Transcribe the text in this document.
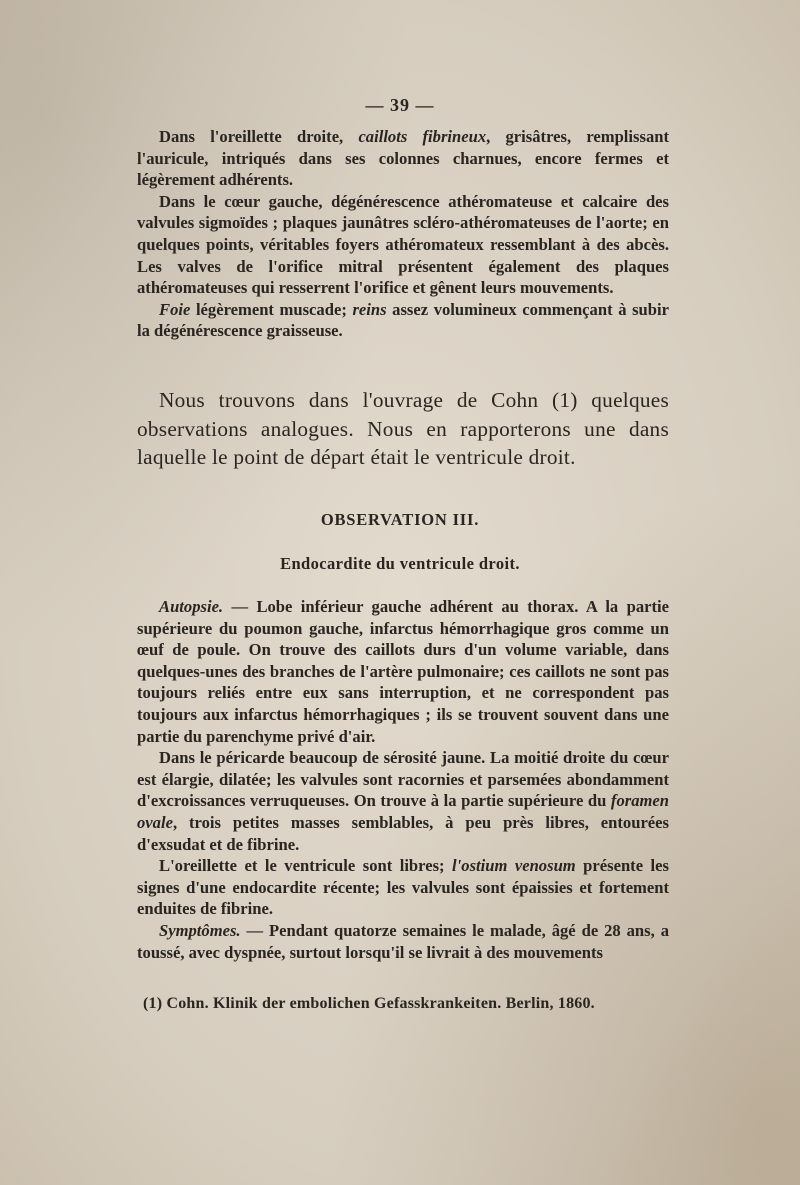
— 39 —

Dans l'oreillette droite, caillots fibrineux, grisâtres, remplissant l'auricule, intriqués dans ses colonnes charnues, encore fermes et légèrement adhérents.

Dans le cœur gauche, dégénérescence athéromateuse et calcaire des valvules sigmoïdes ; plaques jaunâtres scléro-athéromateuses de l'aorte; en quelques points, véritables foyers athéromateux ressemblant à des abcès. Les valves de l'orifice mitral présentent également des plaques athéromateuses qui resserrent l'orifice et gênent leurs mouvements.

Foie légèrement muscade; reins assez volumineux commençant à subir la dégénérescence graisseuse.

Nous trouvons dans l'ouvrage de Cohn (1) quelques observations analogues. Nous en rapporterons une dans laquelle le point de départ était le ventricule droit.

OBSERVATION III.
Endocardite du ventricule droit.

Autopsie. — Lobe inférieur gauche adhérent au thorax. A la partie supérieure du poumon gauche, infarctus hémorrhagique gros comme un œuf de poule. On trouve des caillots durs d'un volume variable, dans quelques-unes des branches de l'artère pulmonaire; ces caillots ne sont pas toujours reliés entre eux sans interruption, et ne correspondent pas toujours aux infarctus hémorrhagiques ; ils se trouvent souvent dans une partie du parenchyme privé d'air.

Dans le péricarde beaucoup de sérosité jaune. La moitié droite du cœur est élargie, dilatée; les valvules sont racornies et parsemées abondamment d'excroissances verruqueuses. On trouve à la partie supérieure du foramen ovale, trois petites masses semblables, à peu près libres, entourées d'exsudat et de fibrine.

L'oreillette et le ventricule sont libres; l'ostium venosum présente les signes d'une endocardite récente; les valvules sont épaissies et fortement enduites de fibrine.

Symptômes. — Pendant quatorze semaines le malade, âgé de 28 ans, a toussé, avec dyspnée, surtout lorsqu'il se livrait à des mouvements

(1) Cohn. Klinik der embolichen Gefasskrankeiten. Berlin, 1860.
